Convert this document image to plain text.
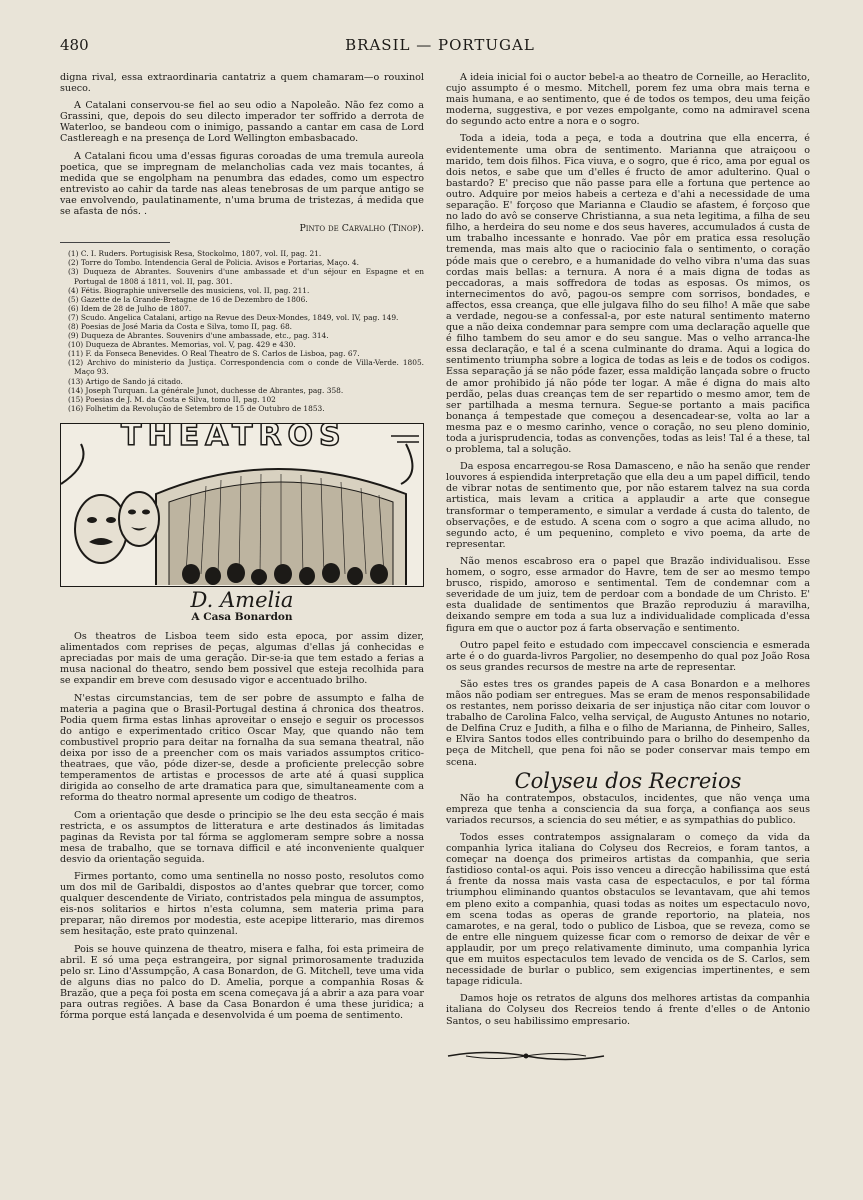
480	BRASIL — PORTUGAL

digna rival, essa extraordinaria cantatriz a quem chamaram—o rouxinol sueco.

A Catalani conservou-se fiel ao seu odio a Napoleão. Não fez como a Grassini, que, depois do seu dilecto imperador ter soffrido a derrota de Waterloo, se bandeou com o inimigo, passando a cantar em casa de Lord Castlereagh e na presença de Lord Wellington embasbacado.

A Catalani ficou uma d'essas figuras coroadas de uma tremula aureola poetica, que se impregnam de melancholias cada vez mais tocantes, á medida que se engolpham na penumbra das edades, como um espectro entrevisto ao cahir da tarde nas aleas tenebrosas de um parque antigo se vae envolvendo, paulatinamente, n'uma bruma de tristezas, á medida que se afasta de nós. .

Pinto de Carvalho (Tinop).

(1) C. I. Ruders. Portugisisk Resa, Stockolmo, 1807, vol. II, pag. 21.

(2) Torre do Tombo. Intendencia Geral de Policia. Avisos e Portarias, Maço. 4.

(3) Duqueza de Abrantes. Souvenirs d'une ambassade et d'un séjour en Espagne et en Portugal de 1808 á 1811, vol. II, pag. 301.

(4) Fétis. Biographie universelle des musiciens, vol. II, pag. 211.

(5) Gazette de la Grande-Bretagne de 16 de Dezembro de 1806.

(6) Idem de 28 de Julho de 1807.

(7) Scudo. Angelica Catalani, artigo na Revue des Deux-Mondes, 1849, vol. IV, pag. 149.

(8) Poesias de José Maria da Costa e Silva, tomo II, pag. 68.

(9) Duqueza de Abrantes. Souvenirs d'une ambassade, etc., pag. 314.

(10) Duqueza de Abrantes. Memorias, vol. V, pag. 429 e 430.

(11) F. da Fonseca Benevides. O Real Theatro de S. Carlos de Lisboa, pag. 67.

(12) Archivo do ministerio da Justiça. Correspondencia com o conde de Villa-Verde. 1805. Maço 93.

(13) Artigo de Sando já citado.

(14) Joseph Turquan. La générale Junot, duchesse de Abrantes, pag. 358.

(15) Poesias de J. M. da Costa e Silva, tomo II, pag. 102

(16) Folhetim da Revolução de Setembro de 15 de Outubro de 1853.

THEATROS
D. Amelia
A Casa Bonardon

Os theatros de Lisboa teem sido esta epoca, por assim dizer, alimentados com reprises de peças, algumas d'ellas já conhecidas e apreciadas por mais de uma geração. Dir-se-ia que tem estado a ferias a musa nacional do theatro, sendo bem possivel que esteja recolhida para se expandir em breve com desusado vigor e accentuado brilho.

N'estas circumstancias, tem de ser pobre de assumpto e falha de materia a pagina que o Brasil-Portugal destina á chronica dos theatros. Podia quem firma estas linhas aproveitar o ensejo e seguir os processos do antigo e experimentado critico Oscar May, que quando não tem combustivel proprio para deitar na fornalha da sua semana theatral, não deixa por isso de a preencher com os mais variados assumptos critico-theatraes, que vão, póde dizer-se, desde a proficiente prelecção sobre temperamentos de artistas e processos de arte até á quasi supplica dirigida ao conselho de arte dramatica para que, simultaneamente com a reforma do theatro normal apresente um codigo de theatros.

Com a orientação que desde o principio se lhe deu esta secção é mais restricta, e os assumptos de litteratura e arte destinados ás limitadas paginas da Revista por tal fórma se agglomeram sempre sobre a nossa mesa de trabalho, que se tornava difficil e até inconveniente qualquer desvio da orientação seguida.

Firmes portanto, como uma sentinella no nosso posto, resolutos como um dos mil de Garibaldi, dispostos ao d'antes quebrar que torcer, como qualquer descendente de Viriato, contristados pela mingua de assumptos, eis-nos solitarios e hirtos n'esta columna, sem materia prima para preparar, não diremos por modestia, este acepipe litterario, mas diremos sem hesitação, este prato quinzenal.

Pois se houve quinzena de theatro, misera e falha, foi esta primeira de abril. E só uma peça estrangeira, por signal primorosamente traduzida pelo sr. Lino d'Assumpção, A casa Bonardon, de G. Mitchell, teve uma vida de alguns dias no palco do D. Amelia, porque a companhia Rosas & Brazão, que a peça foi posta em scena começava já a abrir a aza para voar para outras regiões. A base da Casa Bonardon é uma these juridica; a fórma porque está lançada e desenvolvida é um poema de sentimento.

A ideia inicial foi o auctor bebel-a ao theatro de Corneille, ao Heraclito, cujo assumpto é o mesmo. Mitchell, porem fez uma obra mais terna e mais humana, e ao sentimento, que é de todos os tempos, deu uma feição moderna, suggestiva, e por vezes empolgante, como na admiravel scena do segundo acto entre a nora e o sogro.

Toda a ideia, toda a peça, e toda a doutrina que ella encerra, é evidentemente uma obra de sentimento. Marianna que atraiçoou o marido, tem dois filhos. Fica viuva, e o sogro, que é rico, ama por egual os dois netos, e sabe que um d'elles é fructo de amor adulterino. Qual o bastardo? E' preciso que não passe para elle a fortuna que pertence ao outro. Adquire por meios habeis a certeza e d'ahi a necessidade de uma separação. E' forçoso que Marianna e Claudio se afastem, é forçoso que no lado do avô se conserve Christianna, a sua neta legitima, a filha de seu filho, a herdeira do seu nome e dos seus haveres, accumulados á custa de um trabalho incessante e honrado. Vae pôr em pratica essa resolução tremenda, mas mais alto que o raciocinio fala o sentimento, o coração póde mais que o cerebro, e a humanidade do velho vibra n'uma das suas cordas mais bellas: a ternura. A nora é a mais digna de todas as peccadoras, a mais soffredora de todas as esposas. Os mimos, os internecimentos do avô, pagou-os sempre com sorrisos, bondades, e affectos, essa creança, que elle julgava filho do seu filho! A mãe que sabe a verdade, negou-se a confessal-a, por este natural sentimento materno que a não deixa condemnar para sempre com uma declaração aquelle que é filho tambem do seu amor e do seu sangue. Mas o velho arranca-lhe essa declaração, e tal é a scena culminante do drama. Aqui a logica do sentimento triumpha sobre a logica de todas as leis e de todos os codigos. Essa separação já se não póde fazer, essa maldição lançada sobre o fructo de amor prohibido já não póde ter logar. A mãe é digna do mais alto perdão, pelas duas creanças tem de ser repartido o mesmo amor, tem de ser partilhada a mesma ternura. Segue-se portanto a mais pacifica bonança á tempestade que começou a desencadear-se, volta ao lar a mesma paz e o mesmo carinho, vence o coração, no seu pleno dominio, toda a jurisprudencia, todas as convenções, todas as leis! Tal é a these, tal o problema, tal a solução.

Da esposa encarregou-se Rosa Damasceno, e não ha senão que render louvores á espiendida interpretação que ella deu a um papel difficil, tendo de vibrar notas de sentimento que, por não estarem talvez na sua corda artistica, mais levam a critica a applaudir a arte que consegue transformar o temperamento, e simular a verdade á custa do talento, de observações, e de estudo. A scena com o sogro a que acima alludo, no segundo acto, é um pequenino, completo e vivo poema, da arte de representar.

Não menos escabroso era o papel que Brazão individualisou. Esse homem, o sogro, esse armador do Havre, tem de ser ao mesmo tempo brusco, rispido, amoroso e sentimental. Tem de condemnar com a severidade de um juiz, tem de perdoar com a bondade de um Christo. E' esta dualidade de sentimentos que Brazão reproduziu á maravilha, deixando sempre em toda a sua luz a individualidade complicada d'essa figura em que o auctor poz á farta observação e sentimento.

Outro papel feito e estudado com impeccavel consciencia e esmerada arte é o do guarda-livros Pargolier, no desempenho do qual poz João Rosa os seus grandes recursos de mestre na arte de representar.

São estes tres os grandes papeis de A casa Bonardon e a melhores mãos não podiam ser entregues. Mas se eram de menos responsabilidade os restantes, nem porisso deixaria de ser injustiça não citar com louvor o trabalho de Carolina Falco, velha serviçal, de Augusto Antunes no notario, de Delfina Cruz e Judith, a filha e o filho de Marianna, de Pinheiro, Salles, e Elvira Santos todos elles contribuindo para o brilho do desempenho da peça de Mitchell, que pena foi não se poder conservar mais tempo em scena.

Colyseu dos Recreios

Não ha contratempos, obstaculos, incidentes, que não vença uma empreza que tenha a consciencia da sua força, a confiança aos seus variados recursos, a sciencia do seu métier, e as sympathias do publico.

Todos esses contratempos assignalaram o começo da vida da companhia lyrica italiana do Colyseu dos Recreios, e foram tantos, a começar na doença dos primeiros artistas da companhia, que seria fastidioso contal-os aqui. Pois isso venceu a direcção habilissima que está á frente da nossa mais vasta casa de espectaculos, e por tal fórma triumphou eliminando quantos obstaculos se levantavam, que ahi temos em pleno exito a companhia, quasi todas as noites um espectaculo novo, em scena todas as operas de grande reportorio, na plateia, nos camarotes, e na geral, todo o publico de Lisboa, que se reveza, como se de entre elle ninguem quizesse ficar com o remorso de deixar de vêr e applaudir, por um preço relativamente diminuto, uma companhia lyrica que em muitos espectaculos tem levado de vencida os de S. Carlos, sem necessidade de burlar o publico, sem exigencias impertinentes, e sem tapage ridicula.

Damos hoje os retratos de alguns dos melhores artistas da companhia italiana do Colyseu dos Recreios tendo á frente d'elles o de Antonio Santos, o seu habilissimo empresario.
